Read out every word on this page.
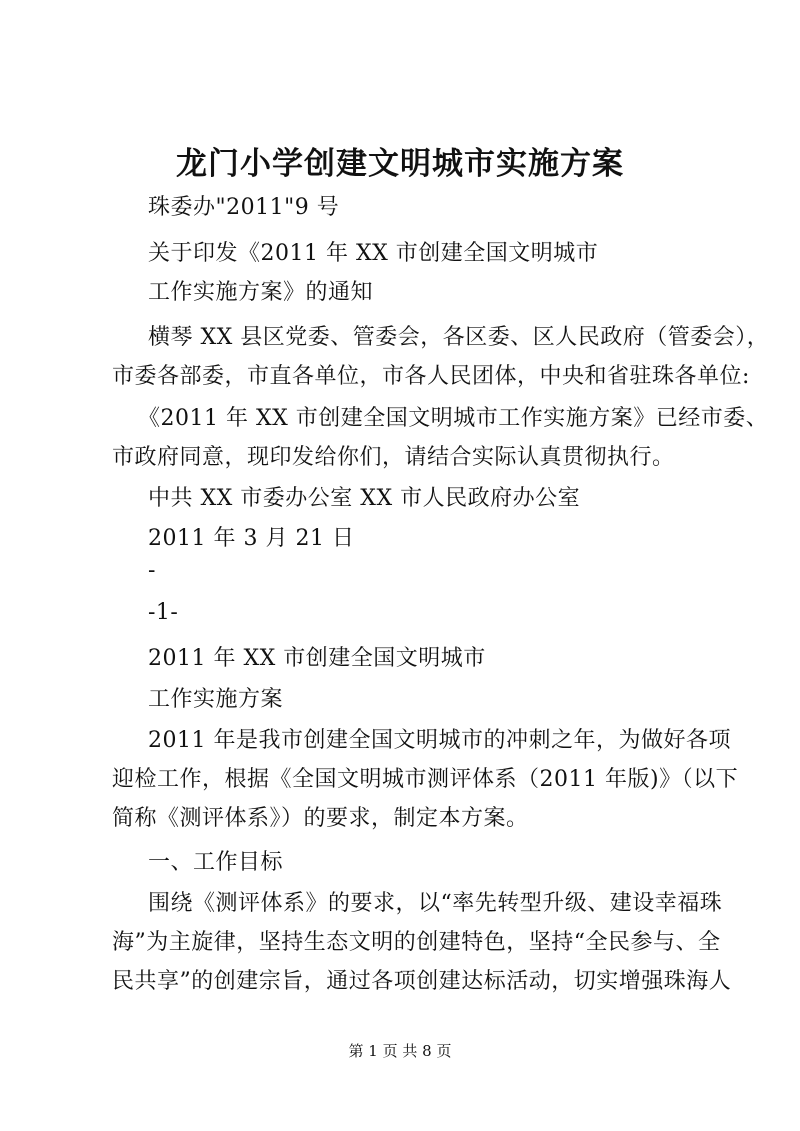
龙门小学创建文明城市实施方案
珠委办"2011"9 号
关于印发《2011 年 XX 市创建全国文明城市
工作实施方案》的通知
横琴 XX 县区党委、管委会，各区委、区人民政府（管委会），
市委各部委，市直各单位，市各人民团体，中央和省驻珠各单位:
《2011 年 XX 市创建全国文明城市工作实施方案》已经市委、
市政府同意，现印发给你们，请结合实际认真贯彻执行。
中共 XX 市委办公室 XX 市人民政府办公室
2011 年 3 月 21 日
-
-1-
2011 年 XX 市创建全国文明城市
工作实施方案
2011 年是我市创建全国文明城市的冲刺之年，为做好各项
迎检工作，根据《全国文明城市测评体系（2011 年版)》（以下
简称《测评体系》）的要求，制定本方案。
一、工作目标
围绕《测评体系》的要求，以“率先转型升级、建设幸福珠
海”为主旋律，坚持生态文明的创建特色，坚持“全民参与、全
民共享”的创建宗旨，通过各项创建达标活动，切实增强珠海人
第 1 页 共 8 页
